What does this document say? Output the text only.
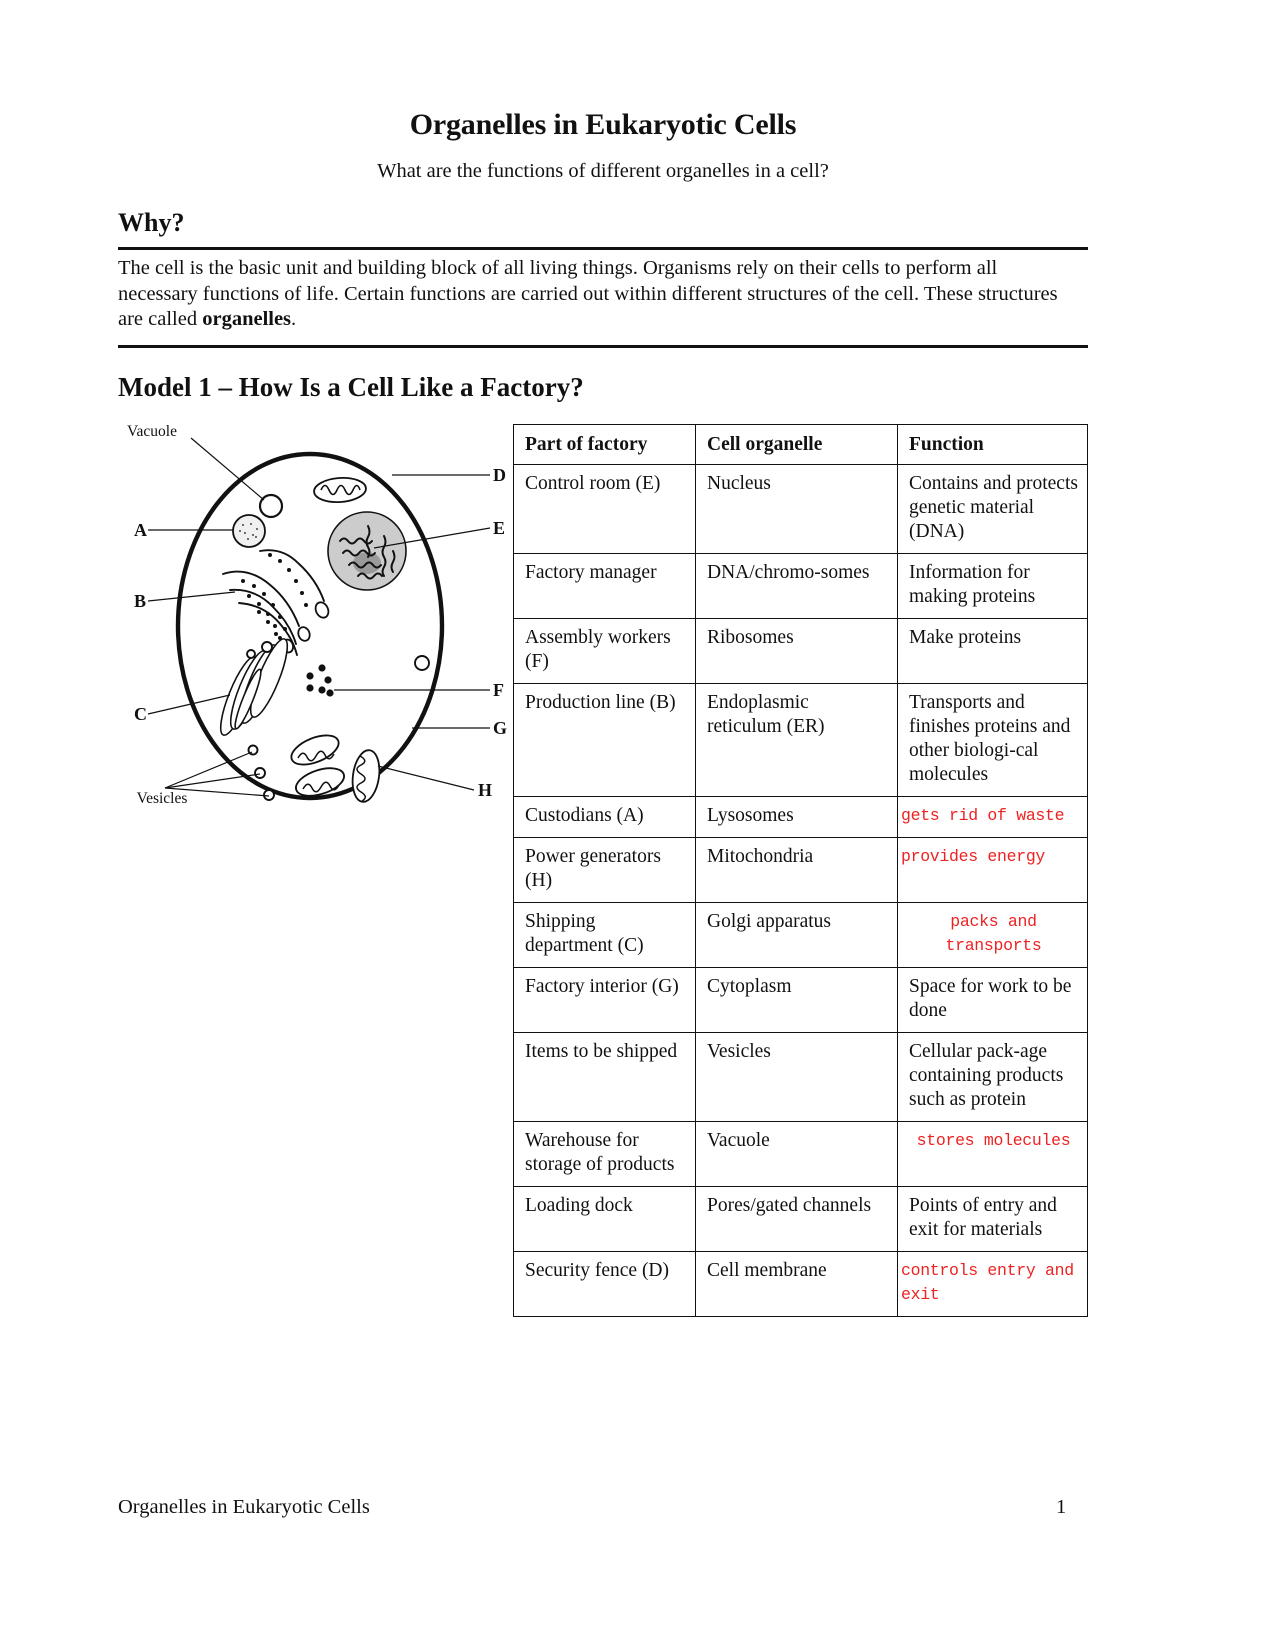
Organelles in Eukaryotic Cells
What are the functions of different organelles in a cell?
Why?
The cell is the basic unit and building block of all living things. Organisms rely on their cells to perform all necessary functions of life. Certain functions are carried out within different structures of the cell. These structures are called organelles.
Model 1 – How Is a Cell Like a Factory?
Vacuole
Vesicles
A
B
C
D
E
F
G
H
Part of factory	Cell organelle	Function
Control room (E)	Nucleus	Contains and protects genetic material (DNA)
Factory manager	DNA/chromo-somes	Information for making proteins
Assembly workers (F)	Ribosomes	Make proteins
Production line (B)	Endoplasmic reticulum (ER)	Transports and finishes proteins and other biologi-cal molecules
Custodians (A)	Lysosomes	gets rid of waste

Power generators (H)	Mitochondria	provides energy

Shipping department (C)	Golgi apparatus	packs and transports

Factory interior (G)	Cytoplasm	Space for work to be done
Items to be shipped	Vesicles	Cellular pack-age containing products such as protein
Warehouse for storage of products	Vacuole	stores molecules

Loading dock	Pores/gated channels	Points of entry and exit for materials
Security fence (D)	Cell membrane	controls entry and exit
Organelles in Eukaryotic Cells	1
